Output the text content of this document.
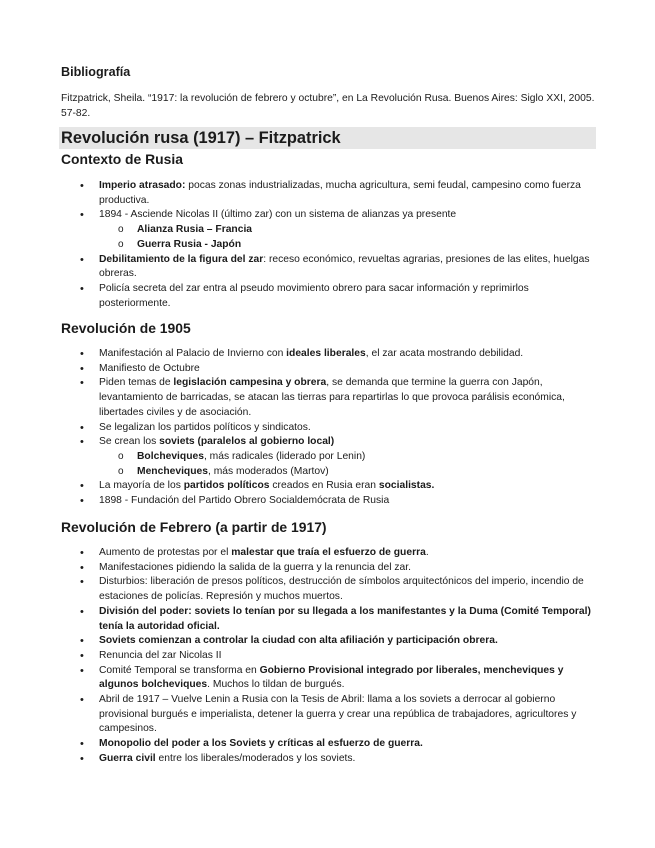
Bibliografía

Fitzpatrick, Sheila. “1917: la revolución de febrero y octubre”, en La Revolución Rusa. Buenos Aires: Siglo XXI, 2005. 57-82.

Revolución rusa (1917) – Fitzpatrick
Contexto de Rusia
• Imperio atrasado: pocas zonas industrializadas, mucha agricultura, semi feudal, campesino como fuerza productiva.
• 1894 - Asciende Nicolas II (último zar) con un sistema de alianzas ya presente
o Alianza Rusia – Francia
o Guerra Rusia - Japón
• Debilitamiento de la figura del zar: receso económico, revueltas agrarias, presiones de las elites, huelgas obreras.
• Policía secreta del zar entra al pseudo movimiento obrero para sacar información y reprimirlos posteriormente.
Revolución de 1905
• Manifestación al Palacio de Invierno con ideales liberales, el zar acata mostrando debilidad.
• Manifiesto de Octubre
• Piden temas de legislación campesina y obrera, se demanda que termine la guerra con Japón, levantamiento de barricadas, se atacan las tierras para repartirlas lo que provoca parálisis económica, libertades civiles y de asociación.
• Se legalizan los partidos políticos y sindicatos.
• Se crean los soviets (paralelos al gobierno local)
o Bolcheviques, más radicales (liderado por Lenin)
o Mencheviques, más moderados (Martov)
• La mayoría de los partidos políticos creados en Rusia eran socialistas.
• 1898 - Fundación del Partido Obrero Socialdemócrata de Rusia
Revolución de Febrero (a partir de 1917)
• Aumento de protestas por el malestar que traía el esfuerzo de guerra.
• Manifestaciones pidiendo la salida de la guerra y la renuncia del zar.
• Disturbios: liberación de presos políticos, destrucción de símbolos arquitectónicos del imperio, incendio de estaciones de policías. Represión y muchos muertos.
• División del poder: soviets lo tenían por su llegada a los manifestantes y la Duma (Comité Temporal) tenía la autoridad oficial.
• Soviets comienzan a controlar la ciudad con alta afiliación y participación obrera.
• Renuncia del zar Nicolas II
• Comité Temporal se transforma en Gobierno Provisional integrado por liberales, mencheviques y algunos bolcheviques. Muchos lo tildan de burgués.
• Abril de 1917 – Vuelve Lenin a Rusia con la Tesis de Abril: llama a los soviets a derrocar al gobierno provisional burgués e imperialista, detener la guerra y crear una república de trabajadores, agricultores y campesinos.
• Monopolio del poder a los Soviets y críticas al esfuerzo de guerra.
• Guerra civil entre los liberales/moderados y los soviets.
